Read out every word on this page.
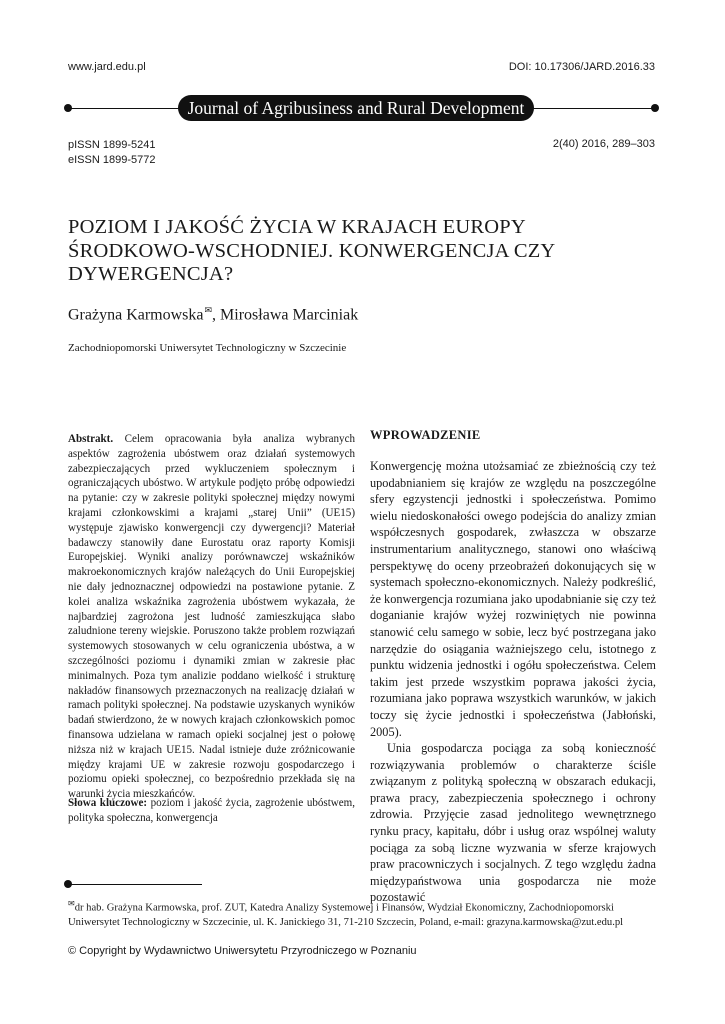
www.jard.edu.pl	DOI: 10.17306/JARD.2016.33
Journal of Agribusiness and Rural Development
pISSN 1899-5241
eISSN 1899-5772
2(40) 2016, 289–303
POZIOM I JAKOŚĆ ŻYCIA W KRAJACH EUROPY ŚRODKOWO-WSCHODNIEJ. KONWERGENCJA CZY DYWERGENCJA?
Grażyna Karmowska✉, Mirosława Marciniak
Zachodniopomorski Uniwersytet Technologiczny w Szczecinie

Abstrakt. Celem opracowania była analiza wybranych aspektów zagrożenia ubóstwem oraz działań systemowych zabezpieczających przed wykluczeniem społecznym i ograniczających ubóstwo. W artykule podjęto próbę odpowiedzi na pytanie: czy w zakresie polityki społecznej między nowymi krajami członkowskimi a krajami „starej Unii” (UE15) występuje zjawisko konwergencji czy dywergencji? Materiał badawczy stanowiły dane Eurostatu oraz raporty Komisji Europejskiej. Wyniki analizy porównawczej wskaźników makroekonomicznych krajów należących do Unii Europejskiej nie dały jednoznacznej odpowiedzi na postawione pytanie. Z kolei analiza wskaźnika zagrożenia ubóstwem wykazała, że najbardziej zagrożona jest ludność zamieszkująca słabo zaludnione tereny wiejskie. Poruszono także problem rozwiązań systemowych stosowanych w celu ograniczenia ubóstwa, a w szczególności poziomu i dynamiki zmian w zakresie płac minimalnych. Poza tym analizie poddano wielkość i strukturę nakładów finansowych przeznaczonych na realizację działań w ramach polityki społecznej. Na podstawie uzyskanych wyników badań stwierdzono, że w nowych krajach członkowskich pomoc finansowa udzielana w ramach opieki socjalnej jest o połowę niższa niż w krajach UE15. Nadal istnieje duże zróżnicowanie między krajami UE w zakresie rozwoju gospodarczego i poziomu opieki społecznej, co bezpośrednio przekłada się na warunki życia mieszkańców.

Słowa kluczowe: poziom i jakość życia, zagrożenie ubóstwem, polityka społeczna, konwergencja

WPROWADZENIE

Konwergencję można utożsamiać ze zbieżnością czy też upodabnianiem się krajów ze względu na poszczególne sfery egzystencji jednostki i społeczeństwa. Pomimo wielu niedoskonałości owego podejścia do analizy zmian współczesnych gospodarek, zwłaszcza w obszarze instrumentarium analitycznego, stanowi ono właściwą perspektywę do oceny przeobrażeń dokonujących się w systemach społeczno-ekonomicznych. Należy podkreślić, że konwergencja rozumiana jako upodabnianie się czy też doganianie krajów wyżej rozwiniętych nie powinna stanowić celu samego w sobie, lecz być postrzegana jako narzędzie do osiągania ważniejszego celu, istotnego z punktu widzenia jednostki i ogółu społeczeństwa. Celem takim jest przede wszystkim poprawa jakości życia, rozumiana jako poprawa wszystkich warunków, w jakich toczy się życie jednostki i społeczeństwa (Jabłoński, 2005).

Unia gospodarcza pociąga za sobą konieczność rozwiązywania problemów o charakterze ściśle związanym z polityką społeczną w obszarach edukacji, prawa pracy, zabezpieczenia społecznego i ochrony zdrowia. Przyjęcie zasad jednolitego wewnętrznego rynku pracy, kapitału, dóbr i usług oraz wspólnej waluty pociąga za sobą liczne wyzwania w sferze krajowych praw pracowniczych i socjalnych. Z tego względu żadna międzypaństwowa unia gospodarcza nie może pozostawić

✉dr hab. Grażyna Karmowska, prof. ZUT, Katedra Analizy Systemowej i Finansów, Wydział Ekonomiczny, Zachodniopomorski Uniwersytet Technologiczny w Szczecinie, ul. K. Janickiego 31, 71-210 Szczecin, Poland, e-mail: grazyna.karmowska@zut.edu.pl
© Copyright by Wydawnictwo Uniwersytetu Przyrodniczego w Poznaniu
